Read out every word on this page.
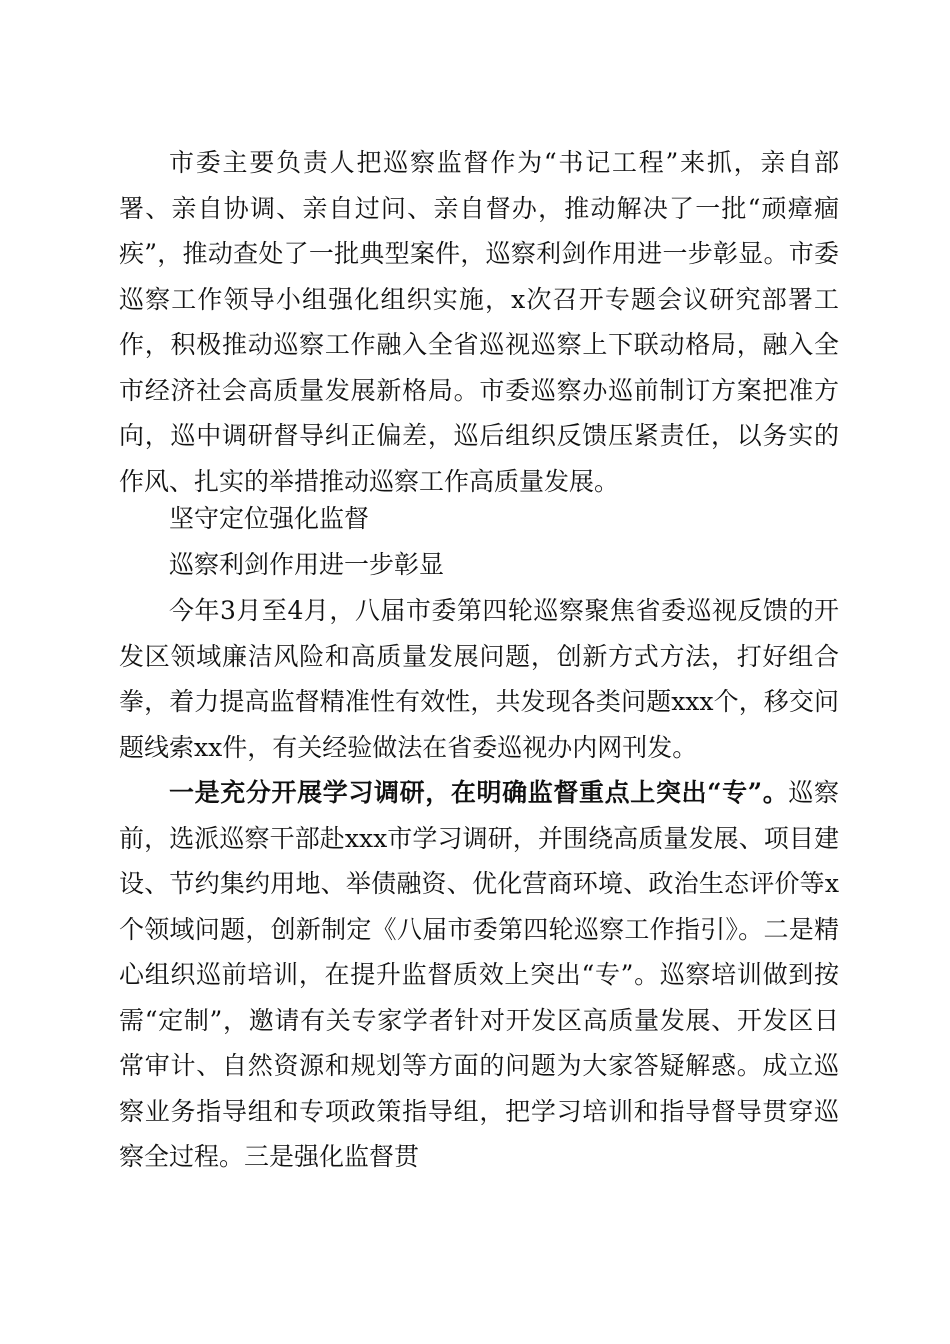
市委主要负责人把巡察监督作为“书记工程”来抓，亲自部署、亲自协调、亲自过问、亲自督办，推动解决了一批“顽瘴痼疾”，推动查处了一批典型案件，巡察利剑作用进一步彰显。市委巡察工作领导小组强化组织实施，x次召开专题会议研究部署工作，积极推动巡察工作融入全省巡视巡察上下联动格局，融入全市经济社会高质量发展新格局。市委巡察办巡前制订方案把准方向，巡中调研督导纠正偏差，巡后组织反馈压紧责任，以务实的作风、扎实的举措推动巡察工作高质量发展。

坚守定位强化监督

巡察利剑作用进一步彰显

今年3月至4月，八届市委第四轮巡察聚焦省委巡视反馈的开发区领域廉洁风险和高质量发展问题，创新方式方法，打好组合拳，着力提高监督精准性有效性，共发现各类问题xxx个，移交问题线索xx件，有关经验做法在省委巡视办内网刊发。

一是充分开展学习调研，在明确监督重点上突出“专”。巡察前，选派巡察干部赴xxx市学习调研，并围绕高质量发展、项目建设、节约集约用地、举债融资、优化营商环境、政治生态评价等x个领域问题，创新制定《八届市委第四轮巡察工作指引》。二是精心组织巡前培训，在提升监督质效上突出“专”。巡察培训做到按需“定制”，邀请有关专家学者针对开发区高质量发展、开发区日常审计、自然资源和规划等方面的问题为大家答疑解惑。成立巡察业务指导组和专项政策指导组，把学习培训和指导督导贯穿巡察全过程。三是强化监督贯
